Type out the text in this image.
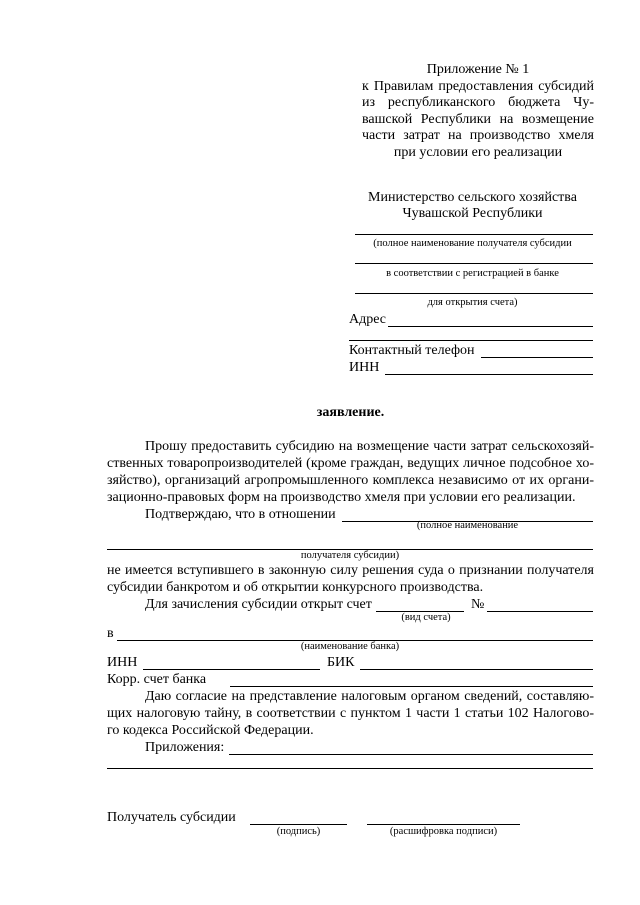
Приложение № 1
к Правилам предоставления субсидий
из республиканского бюджета Чу-
вашской Республики на возмещение
части затрат на производство хмеля
при условии его реализации
Министерство сельского хозяйства
Чувашской Республики
(полное наименование получателя субсидии
в соответствии с регистрацией в банке
для открытия счета)
Адрес
Контактный телефон
ИНН
заявление.
Прошу предоставить субсидию на возмещение части затрат сельскохозяй-
ственных товаропроизводителей (кроме граждан, ведущих личное подсобное хо-
зяйство), организаций агропромышленного комплекса независимо от их органи-
зационно-правовых форм на производство хмеля при условии его реализации.
Подтверждаю, что в отношении
(полное наименование
получателя субсидии)
не имеется вступившего в законную силу решения суда о признании получателя
субсидии банкротом и об открытии конкурсного производства.
Для зачисления субсидии открыт счет	№
(вид счета)
в
(наименование банка)
ИНН	БИК
Корр. счет банка
Даю согласие на представление налоговым органом сведений, составляю-
щих налоговую тайну, в соответствии с пунктом 1 части 1 статьи 102 Налогово-
го кодекса Российской Федерации.
Приложения:
Получатель субсидии
(подпись)	(расшифровка подписи)
